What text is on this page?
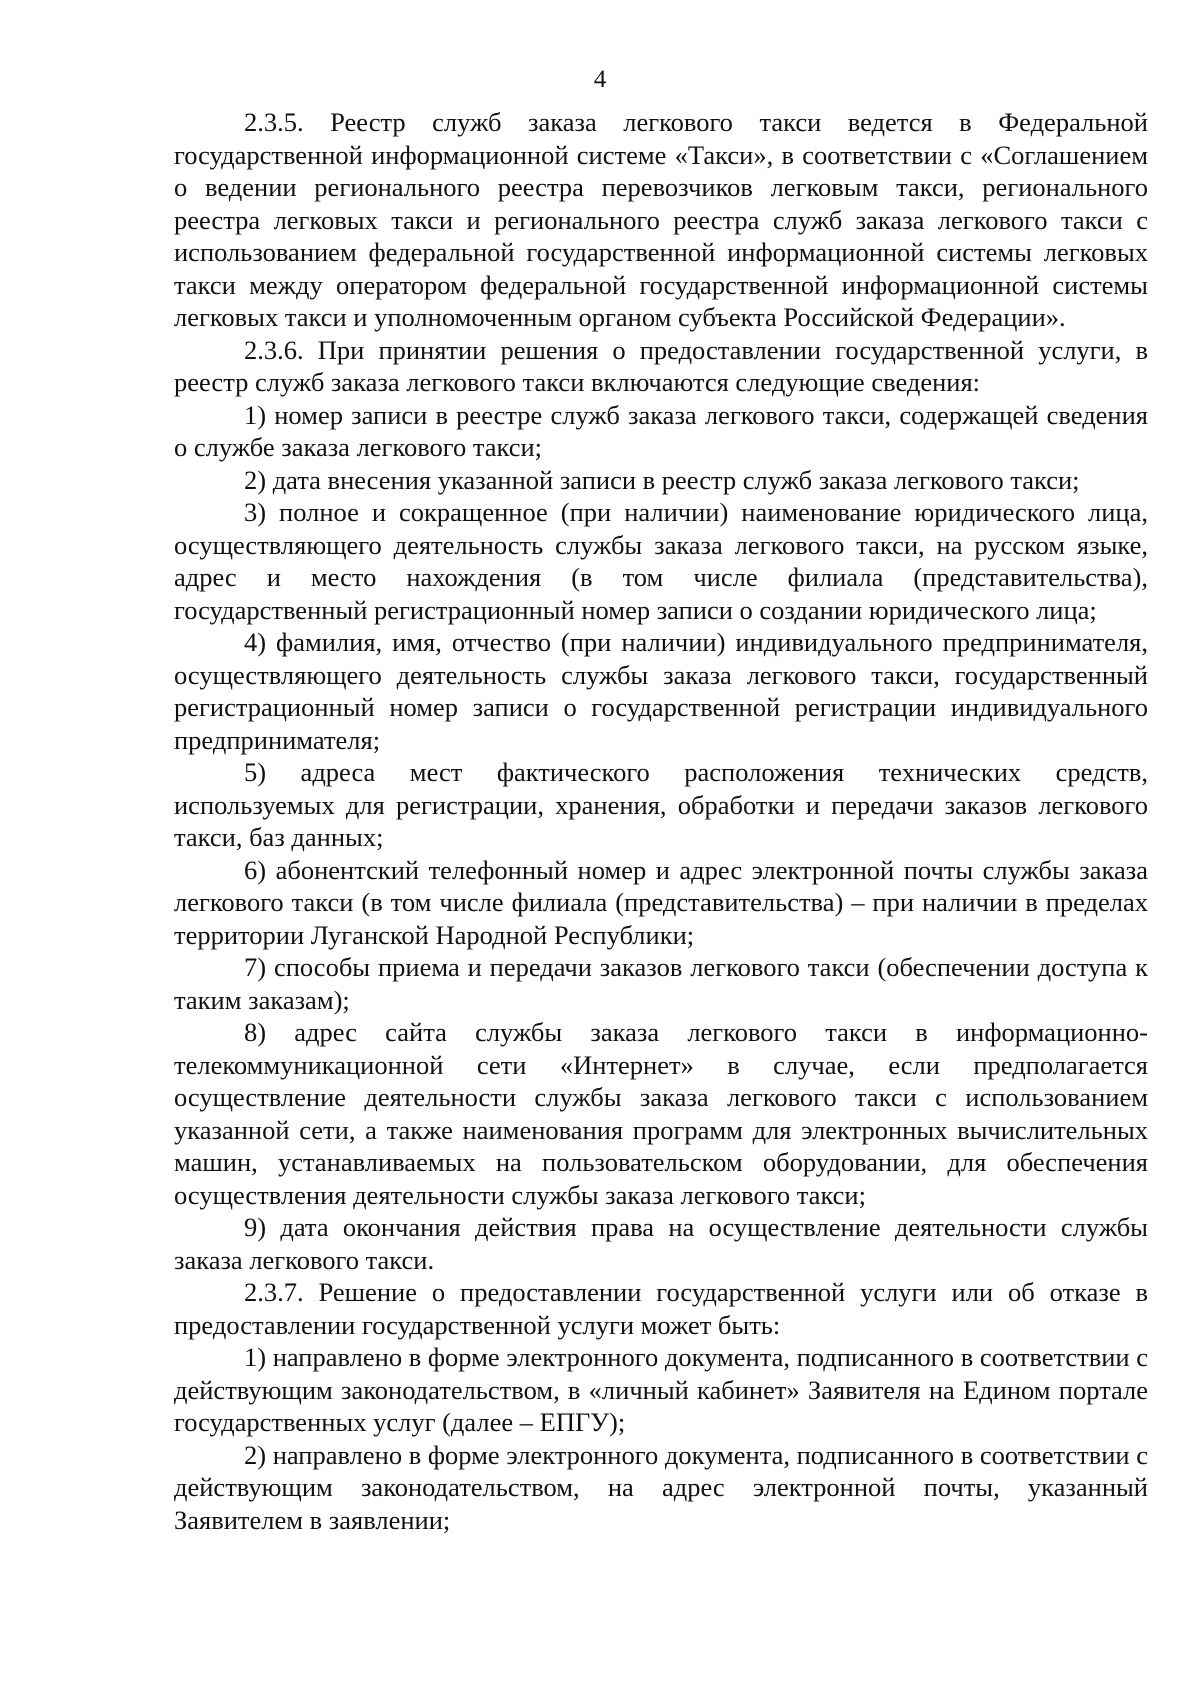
4

2.3.5. Реестр служб заказа легкового такси ведется в Федеральной государственной информационной системе «Такси», в соответствии с «Соглашением о ведении регионального реестра перевозчиков легковым такси, регионального реестра легковых такси и регионального реестра служб заказа легкового такси с использованием федеральной государственной информационной системы легковых такси между оператором федеральной государственной информационной системы легковых такси и уполномоченным органом субъекта Российской Федерации».

2.3.6. При принятии решения о предоставлении государственной услуги, в реестр служб заказа легкового такси включаются следующие сведения:

1) номер записи в реестре служб заказа легкового такси, содержащей сведения о службе заказа легкового такси;

2) дата внесения указанной записи в реестр служб заказа легкового такси;

3) полное и сокращенное (при наличии) наименование юридического лица, осуществляющего деятельность службы заказа легкового такси, на русском языке, адрес и место нахождения (в том числе филиала (представительства), государственный регистрационный номер записи о создании юридического лица;

4) фамилия, имя, отчество (при наличии) индивидуального предпринимателя, осуществляющего деятельность службы заказа легкового такси, государственный регистрационный номер записи о государственной регистрации индивидуального предпринимателя;

5) адреса мест фактического расположения технических средств, используемых для регистрации, хранения, обработки и передачи заказов легкового такси, баз данных;

6) абонентский телефонный номер и адрес электронной почты службы заказа легкового такси (в том числе филиала (представительства) – при наличии в пределах территории Луганской Народной Республики;

7) способы приема и передачи заказов легкового такси (обеспечении доступа к таким заказам);

8) адрес сайта службы заказа легкового такси в информационно-телекоммуникационной сети «Интернет» в случае, если предполагается осуществление деятельности службы заказа легкового такси с использованием указанной сети, а также наименования программ для электронных вычислительных машин, устанавливаемых на пользовательском оборудовании, для обеспечения осуществления деятельности службы заказа легкового такси;

9) дата окончания действия права на осуществление деятельности службы заказа легкового такси.

2.3.7. Решение о предоставлении государственной услуги или об отказе в предоставлении государственной услуги может быть:

1) направлено в форме электронного документа, подписанного в соответствии с действующим законодательством, в «личный кабинет» Заявителя на Едином портале государственных услуг (далее – ЕПГУ);

2) направлено в форме электронного документа, подписанного в соответствии с действующим законодательством, на адрес электронной почты, указанный Заявителем в заявлении;
